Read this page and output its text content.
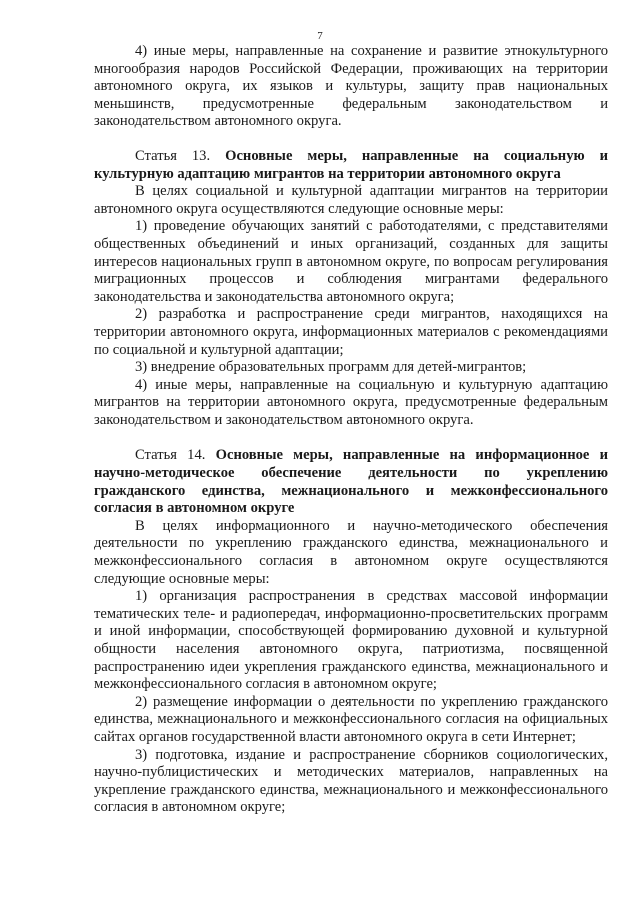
7

4) иные меры, направленные на сохранение и развитие этнокультурного многообразия народов Российской Федерации, проживающих на территории автономного округа, их языков и культуры, защиту прав национальных меньшинств, предусмотренные федеральным законодательством и законодательством автономного округа.

Статья 13. Основные меры, направленные на социальную и культурную адаптацию мигрантов на территории автономного округа

В целях социальной и культурной адаптации мигрантов на территории автономного округа осуществляются следующие основные меры:

1) проведение обучающих занятий с работодателями, с представителями общественных объединений и иных организаций, созданных для защиты интересов национальных групп в автономном округе, по вопросам регулирования миграционных процессов и соблюдения мигрантами федерального законодательства и законодательства автономного округа;

2) разработка и распространение среди мигрантов, находящихся на территории автономного округа, информационных материалов с рекомендациями по социальной и культурной адаптации;

3) внедрение образовательных программ для детей-мигрантов;

4) иные меры, направленные на социальную и культурную адаптацию мигрантов на территории автономного округа, предусмотренные федеральным законодательством и законодательством автономного округа.

Статья 14. Основные меры, направленные на информационное и научно-методическое обеспечение деятельности по укреплению гражданского единства, межнационального и межконфессионального согласия в автономном округе

В целях информационного и научно-методического обеспечения деятельности по укреплению гражданского единства, межнационального и межконфессионального согласия в автономном округе осуществляются следующие основные меры:

1) организация распространения в средствах массовой информации тематических теле- и радиопередач, информационно-просветительских программ и иной информации, способствующей формированию духовной и культурной общности населения автономного округа, патриотизма, посвященной распространению идеи укрепления гражданского единства, межнационального и межконфессионального согласия в автономном округе;

2) размещение информации о деятельности по укреплению гражданского единства, межнационального и межконфессионального согласия на официальных сайтах органов государственной власти автономного округа в сети Интернет;

3) подготовка, издание и распространение сборников социологических, научно-публицистических и методических материалов, направленных на укрепление гражданского единства, межнационального и межконфессионального согласия в автономном округе;
